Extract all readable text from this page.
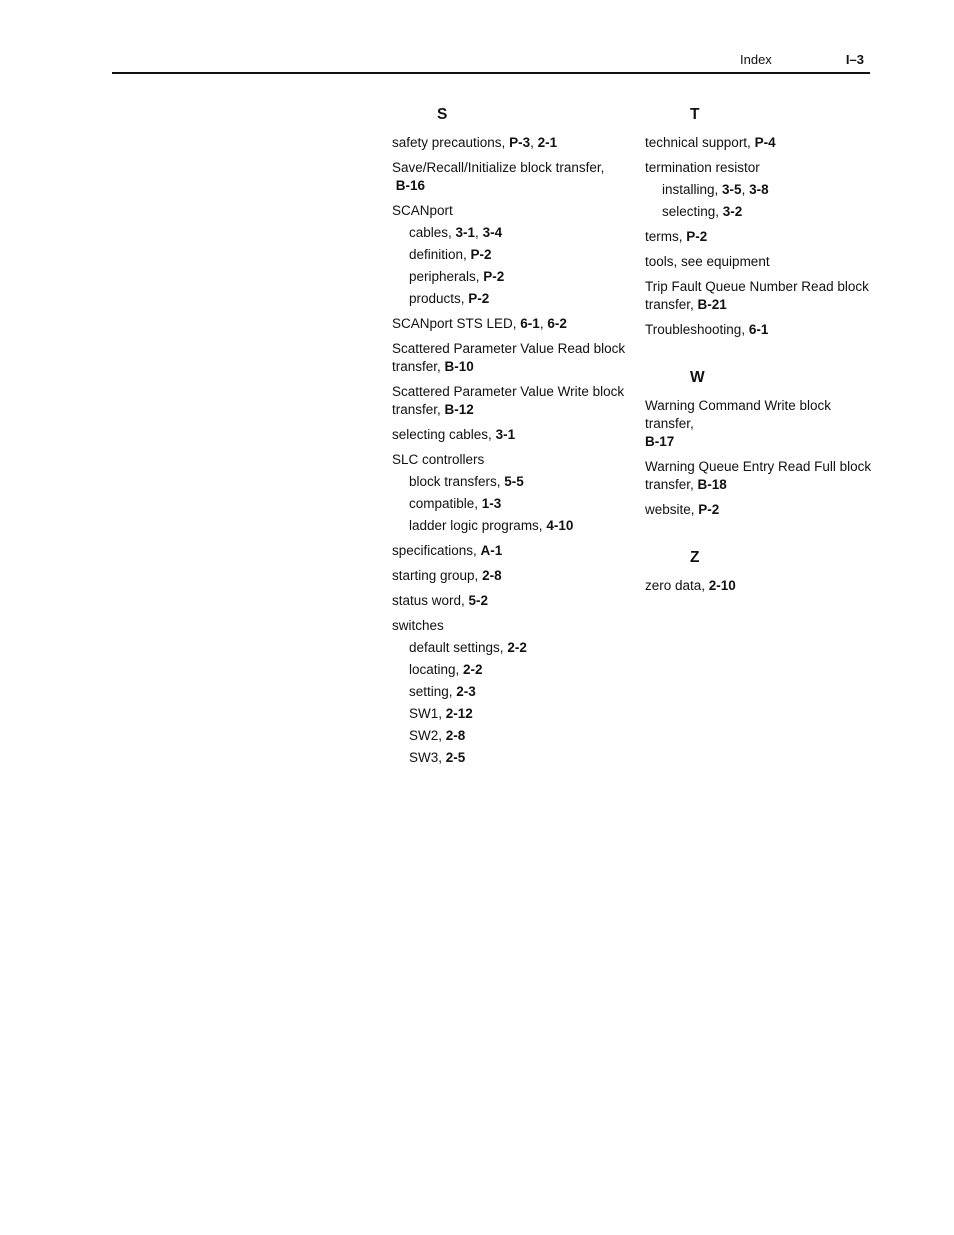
Index	I–3
S
safety precautions, P-3, 2-1
Save/Recall/Initialize block transfer,
B-16
SCANport
cables, 3-1, 3-4
definition, P-2
peripherals, P-2
products, P-2
SCANport STS LED, 6-1, 6-2
Scattered Parameter Value Read block transfer, B-10
Scattered Parameter Value Write block transfer, B-12
selecting cables, 3-1
SLC controllers
block transfers, 5-5
compatible, 1-3
ladder logic programs, 4-10
specifications, A-1
starting group, 2-8
status word, 5-2
switches
default settings, 2-2
locating, 2-2
setting, 2-3
SW1, 2-12
SW2, 2-8
SW3, 2-5
T
technical support, P-4
termination resistor
installing, 3-5, 3-8
selecting, 3-2
terms, P-2
tools, see equipment
Trip Fault Queue Number Read block transfer, B-21
Troubleshooting, 6-1
W
Warning Command Write block transfer,
B-17
Warning Queue Entry Read Full block transfer, B-18
website, P-2
Z
zero data, 2-10
